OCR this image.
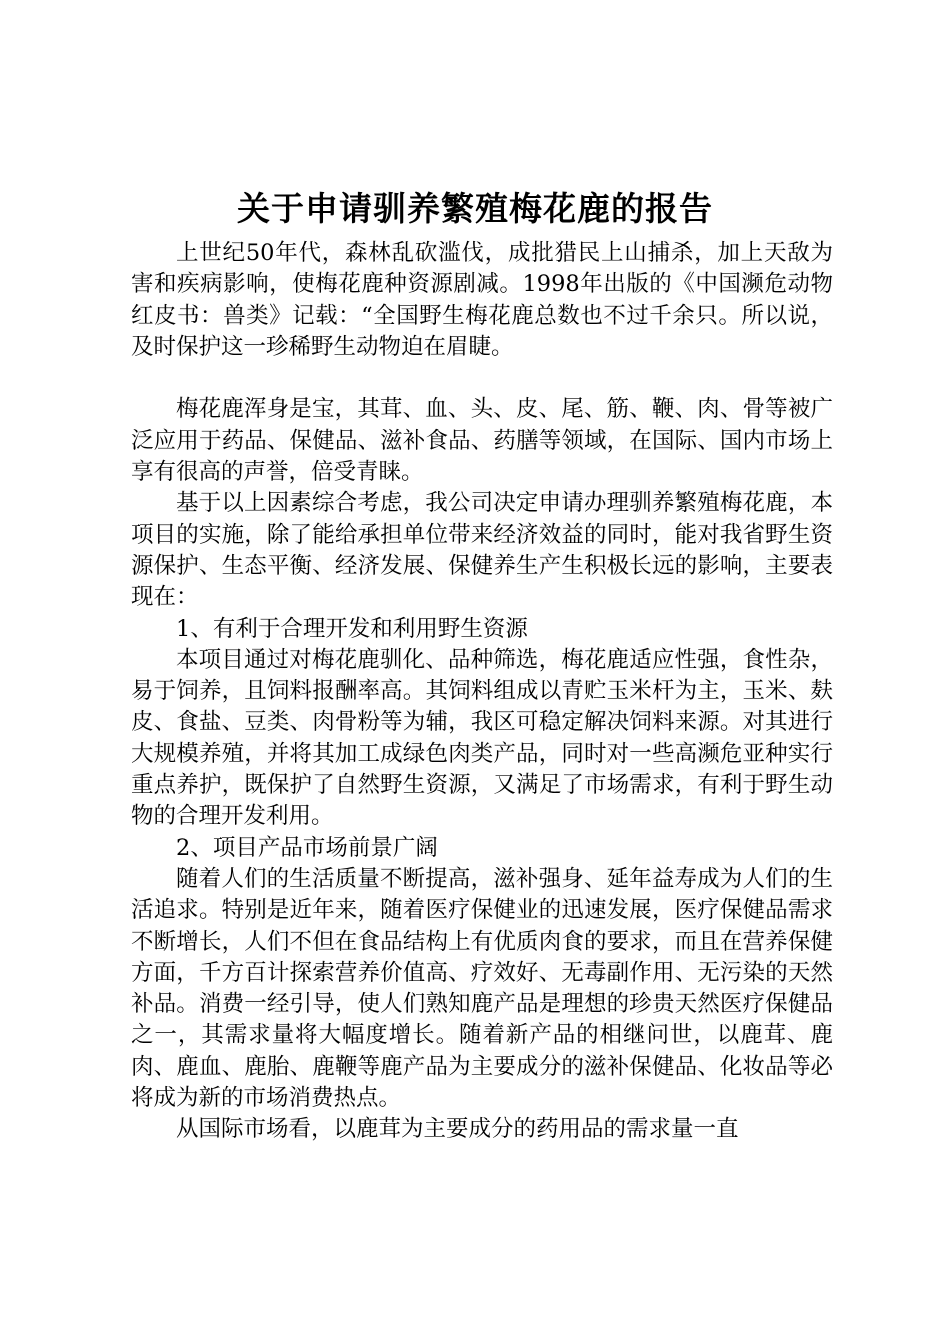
关于申请驯养繁殖梅花鹿的报告

上世纪50年代，森林乱砍滥伐，成批猎民上山捕杀，加上天敌为害和疾病影响，使梅花鹿种资源剧减。1998年出版的《中国濒危动物红皮书：兽类》记载：“全国野生梅花鹿总数也不过千余只。所以说，及时保护这一珍稀野生动物迫在眉睫。

梅花鹿浑身是宝，其茸、血、头、皮、尾、筋、鞭、肉、骨等被广泛应用于药品、保健品、滋补食品、药膳等领域，在国际、国内市场上享有很高的声誉，倍受青睐。

基于以上因素综合考虑，我公司决定申请办理驯养繁殖梅花鹿，本项目的实施，除了能给承担单位带来经济效益的同时，能对我省野生资源保护、生态平衡、经济发展、保健养生产生积极长远的影响，主要表现在：

1、有利于合理开发和利用野生资源

本项目通过对梅花鹿驯化、品种筛选，梅花鹿适应性强，食性杂，易于饲养，且饲料报酬率高。其饲料组成以青贮玉米杆为主，玉米、麸皮、食盐、豆类、肉骨粉等为辅，我区可稳定解决饲料来源。对其进行大规模养殖，并将其加工成绿色肉类产品，同时对一些高濒危亚种实行重点养护，既保护了自然野生资源，又满足了市场需求，有利于野生动物的合理开发利用。

2、项目产品市场前景广阔

随着人们的生活质量不断提高，滋补强身、延年益寿成为人们的生活追求。特别是近年来，随着医疗保健业的迅速发展，医疗保健品需求不断增长，人们不但在食品结构上有优质肉食的要求，而且在营养保健方面，千方百计探索营养价值高、疗效好、无毒副作用、无污染的天然补品。消费一经引导，使人们熟知鹿产品是理想的珍贵天然医疗保健品之一，其需求量将大幅度增长。随着新产品的相继问世，以鹿茸、鹿肉、鹿血、鹿胎、鹿鞭等鹿产品为主要成分的滋补保健品、化妆品等必将成为新的市场消费热点。

从国际市场看，以鹿茸为主要成分的药用品的需求量一直
